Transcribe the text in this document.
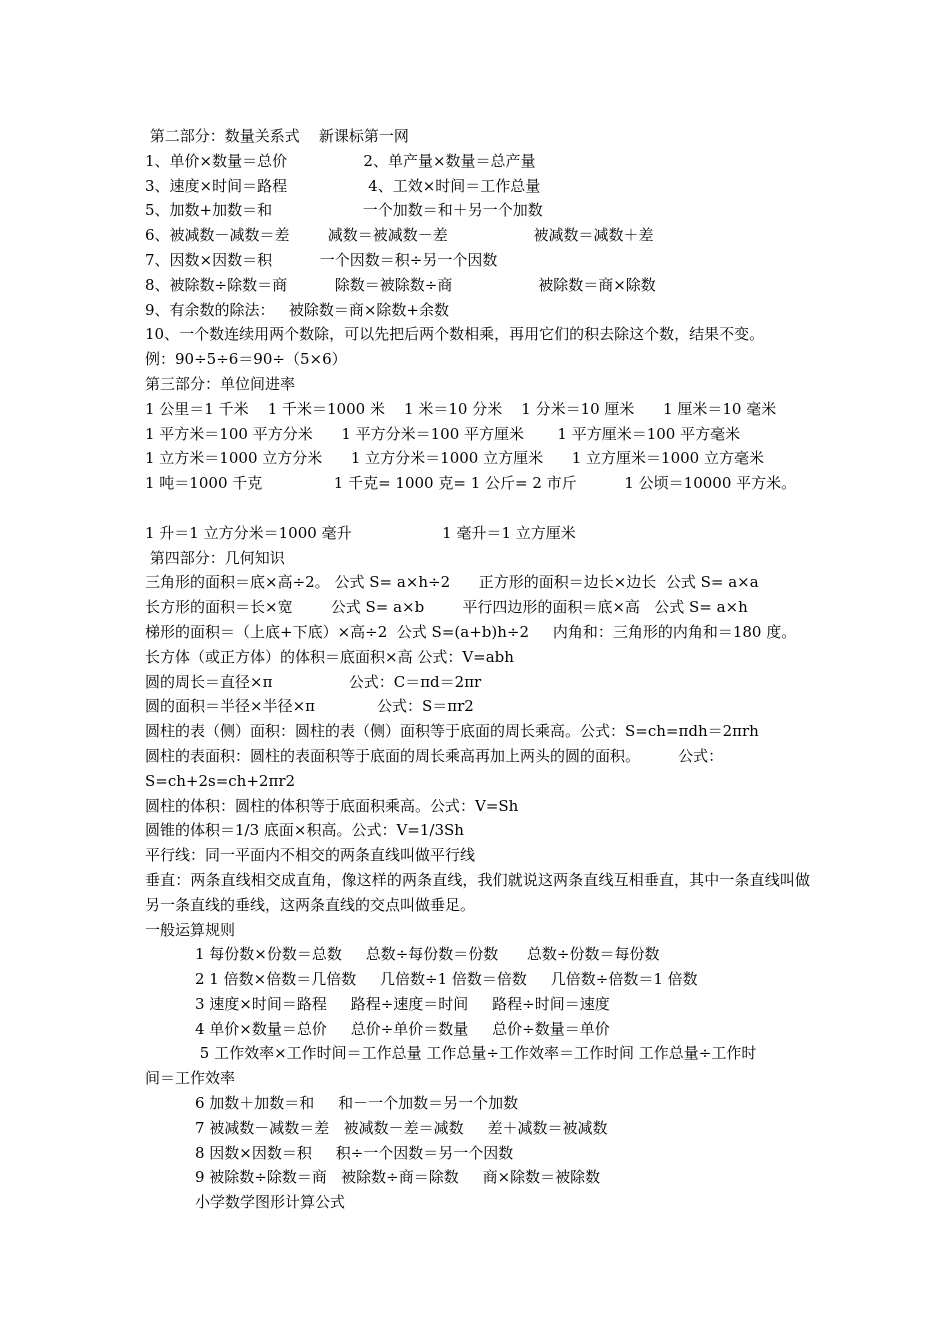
第二部分：数量关系式    新课标第一网
1、单价×数量＝总价                2、单产量×数量＝总产量
3、速度×时间＝路程                 4、工效×时间＝工作总量
5、加数+加数＝和                   一个加数＝和＋另一个加数
6、被减数－减数＝差        减数＝被减数－差                  被减数＝减数＋差
7、因数×因数＝积          一个因数＝积÷另一个因数
8、被除数÷除数＝商          除数＝被除数÷商                  被除数＝商×除数
9、有余数的除法：   被除数＝商×除数+余数
10、一个数连续用两个数除，可以先把后两个数相乘，再用它们的积去除这个数，结果不变。
例：90÷5÷6＝90÷（5×6）
第三部分：单位间进率
1 公里＝1 千米    1 千米＝1000 米    1 米＝10 分米    1 分米＝10 厘米      1 厘米＝10 毫米
1 平方米＝100 平方分米      1 平方分米＝100 平方厘米       1 平方厘米＝100 平方毫米
1 立方米＝1000 立方分米      1 立方分米＝1000 立方厘米      1 立方厘米＝1000 立方毫米
1 吨＝1000 千克               1 千克= 1000 克= 1 公斤= 2 市斤          1 公顷＝10000 平方米。
1 升＝1 立方分米＝1000 毫升                   1 毫升＝1 立方厘米
第四部分：几何知识
三角形的面积＝底×高÷2。 公式 S= a×h÷2      正方形的面积＝边长×边长  公式 S= a×a
长方形的面积＝长×宽        公式 S= a×b        平行四边形的面积＝底×高   公式 S= a×h
梯形的面积＝（上底+下底）×高÷2  公式 S=(a+b)h÷2     内角和：三角形的内角和＝180 度。
长方体（或正方体）的体积＝底面积×高 公式：V=abh
圆的周长＝直径×π                公式：C＝πd＝2πr
圆的面积＝半径×半径×π             公式：S＝πr2
圆柱的表（侧）面积：圆柱的表（侧）面积等于底面的周长乘高。公式：S=ch=πdh＝2πrh
圆柱的表面积：圆柱的表面积等于底面的周长乘高再加上两头的圆的面积。        公式：
S=ch+2s=ch+2πr2
圆柱的体积：圆柱的体积等于底面积乘高。公式：V=Sh
圆锥的体积＝1/3 底面×积高。公式：V=1/3Sh
平行线：同一平面内不相交的两条直线叫做平行线
垂直：两条直线相交成直角，像这样的两条直线，我们就说这两条直线互相垂直，其中一条直线叫做另一条直线的垂线，这两条直线的交点叫做垂足。
一般运算规则
1 每份数×份数＝总数     总数÷每份数＝份数      总数÷份数＝每份数
2 1 倍数×倍数＝几倍数     几倍数÷1 倍数＝倍数     几倍数÷倍数＝1 倍数
3 速度×时间＝路程     路程÷速度＝时间     路程÷时间＝速度
4 单价×数量＝总价     总价÷单价＝数量     总价÷数量＝单价
5 工作效率×工作时间＝工作总量 工作总量÷工作效率＝工作时间 工作总量÷工作时
间＝工作效率
6 加数＋加数＝和     和－一个加数＝另一个加数
7 被减数－减数＝差   被减数－差＝减数     差＋减数＝被减数
8 因数×因数＝积     积÷一个因数＝另一个因数
9 被除数÷除数＝商   被除数÷商＝除数     商×除数＝被除数
小学数学图形计算公式
